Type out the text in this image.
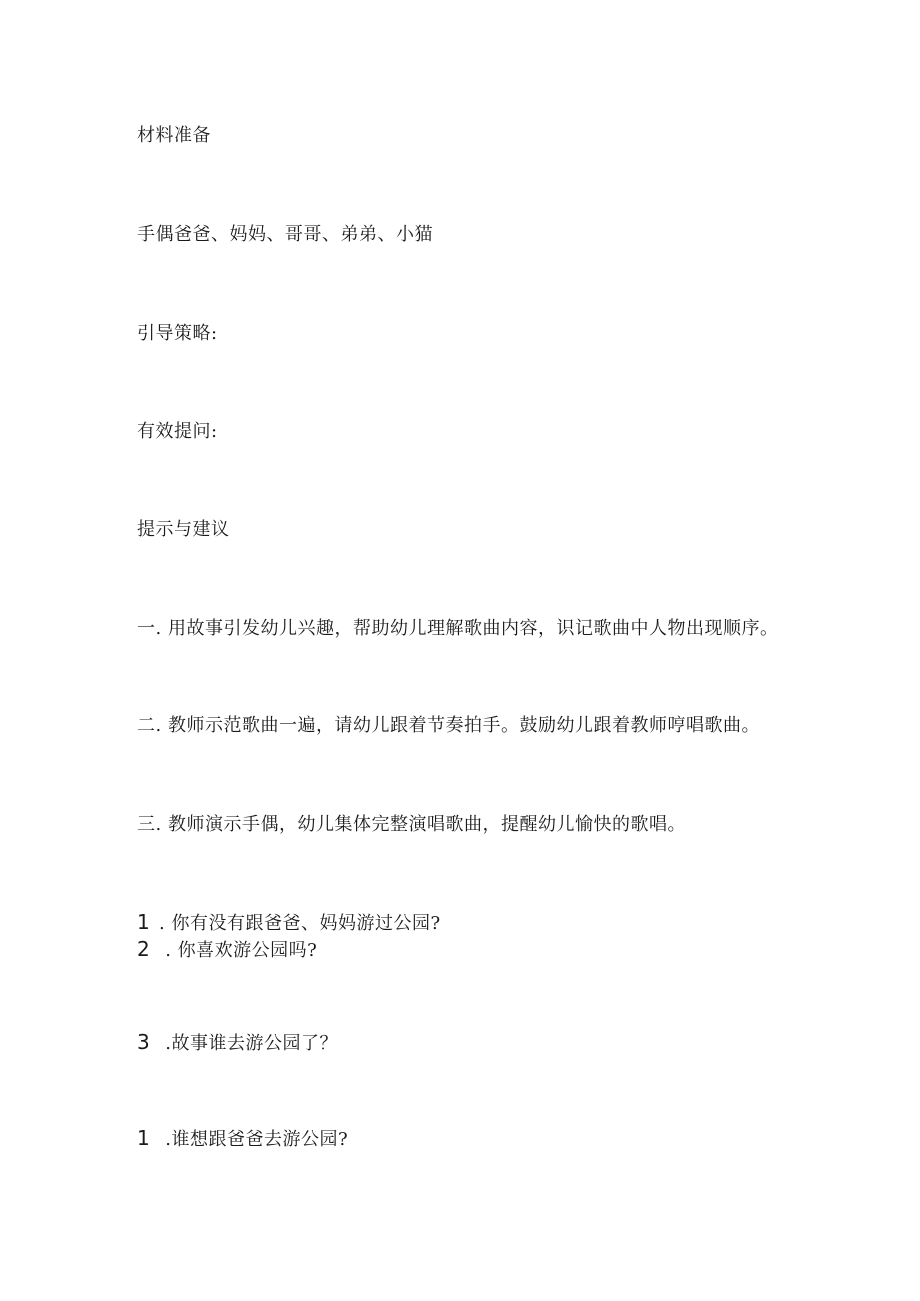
材料准备
手偶爸爸、妈妈、哥哥、弟弟、小猫
引导策略:
有效提问:
提示与建议
一. 用故事引发幼儿兴趣，帮助幼儿理解歌曲内容，识记歌曲中人物出现顺序。
二. 教师示范歌曲一遍，请幼儿跟着节奏拍手。鼓励幼儿跟着教师哼唱歌曲。
三. 教师演示手偶，幼儿集体完整演唱歌曲，提醒幼儿愉快的歌唱。
1 . 你有没有跟爸爸、妈妈游过公园?
2 . 你喜欢游公园吗?
3 .故事谁去游公园了？
1 .谁想跟爸爸去游公园?
